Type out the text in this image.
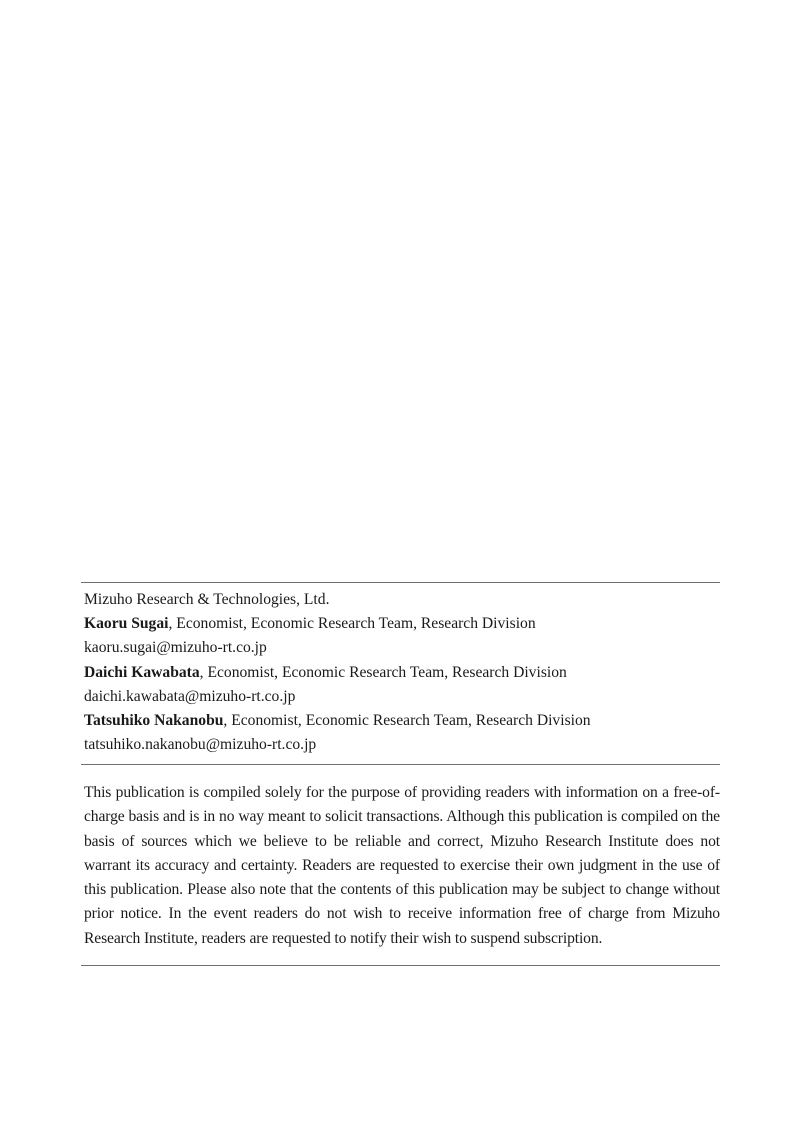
Mizuho Research & Technologies, Ltd.
Kaoru Sugai, Economist, Economic Research Team, Research Division
kaoru.sugai@mizuho-rt.co.jp
Daichi Kawabata, Economist, Economic Research Team, Research Division
daichi.kawabata@mizuho-rt.co.jp
Tatsuhiko Nakanobu, Economist, Economic Research Team, Research Division
tatsuhiko.nakanobu@mizuho-rt.co.jp
This publication is compiled solely for the purpose of providing readers with information on a free-of-charge basis and is in no way meant to solicit transactions. Although this publication is compiled on the basis of sources which we believe to be reliable and correct, Mizuho Research Institute does not warrant its accuracy and certainty. Readers are requested to exercise their own judgment in the use of this publication. Please also note that the contents of this publication may be subject to change without prior notice. In the event readers do not wish to receive information free of charge from Mizuho Research Institute, readers are requested to notify their wish to suspend subscription.
